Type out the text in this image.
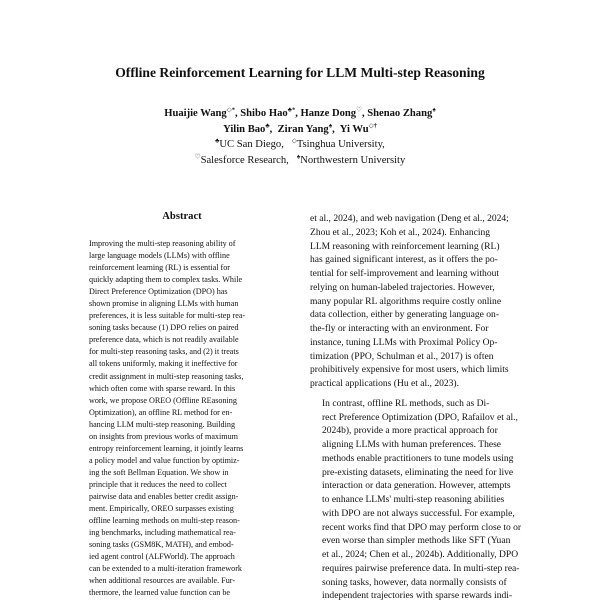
Offline Reinforcement Learning for LLM Multi-step Reasoning
Huaijie Wang◇*, Shibo Hao♣*, Hanze Dong♡, Shenao Zhang♠
Yilin Bao♣,  Ziran Yang♠,  Yi Wu◇†
♣UC San Diego, ◇Tsinghua University,
♡Salesforce Research, ♠Northwestern University
Abstract
Improving the multi-step reasoning ability of
large language models (LLMs) with offline
reinforcement learning (RL) is essential for
quickly adapting them to complex tasks. While
Direct Preference Optimization (DPO) has
shown promise in aligning LLMs with human
preferences, it is less suitable for multi-step rea-
soning tasks because (1) DPO relies on paired
preference data, which is not readily available
for multi-step reasoning tasks, and (2) it treats
all tokens uniformly, making it ineffective for
credit assignment in multi-step reasoning tasks,
which often come with sparse reward. In this
work, we propose OREO (Offline REasoning
Optimization), an offline RL method for en-
hancing LLM multi-step reasoning. Building
on insights from previous works of maximum
entropy reinforcement learning, it jointly learns
a policy model and value function by optimiz-
ing the soft Bellman Equation. We show in
principle that it reduces the need to collect
pairwise data and enables better credit assign-
ment. Empirically, OREO surpasses existing
offline learning methods on multi-step reason-
ing benchmarks, including mathematical rea-
soning tasks (GSM8K, MATH), and embod-
ied agent control (ALFWorld). The approach
can be extended to a multi-iteration framework
when additional resources are available. Fur-
thermore, the learned value function can be

et al., 2024), and web navigation (Deng et al., 2024;
Zhou et al., 2023; Koh et al., 2024). Enhancing
LLM reasoning with reinforcement learning (RL)
has gained significant interest, as it offers the po-
tential for self-improvement and learning without
relying on human-labeled trajectories. However,
many popular RL algorithms require costly online
data collection, either by generating language on-
the-fly or interacting with an environment. For
instance, tuning LLMs with Proximal Policy Op-
timization (PPO, Schulman et al., 2017) is often
prohibitively expensive for most users, which limits
practical applications (Hu et al., 2023).

In contrast, offline RL methods, such as Di-
rect Preference Optimization (DPO, Rafailov et al.,
2024b), provide a more practical approach for
aligning LLMs with human preferences. These
methods enable practitioners to tune models using
pre-existing datasets, eliminating the need for live
interaction or data generation. However, attempts
to enhance LLMs' multi-step reasoning abilities
with DPO are not always successful. For example,
recent works find that DPO may perform close to or
even worse than simpler methods like SFT (Yuan
et al., 2024; Chen et al., 2024b). Additionally, DPO
requires pairwise preference data. In multi-step rea-
soning tasks, however, data normally consists of
independent trajectories with sparse rewards indi-
